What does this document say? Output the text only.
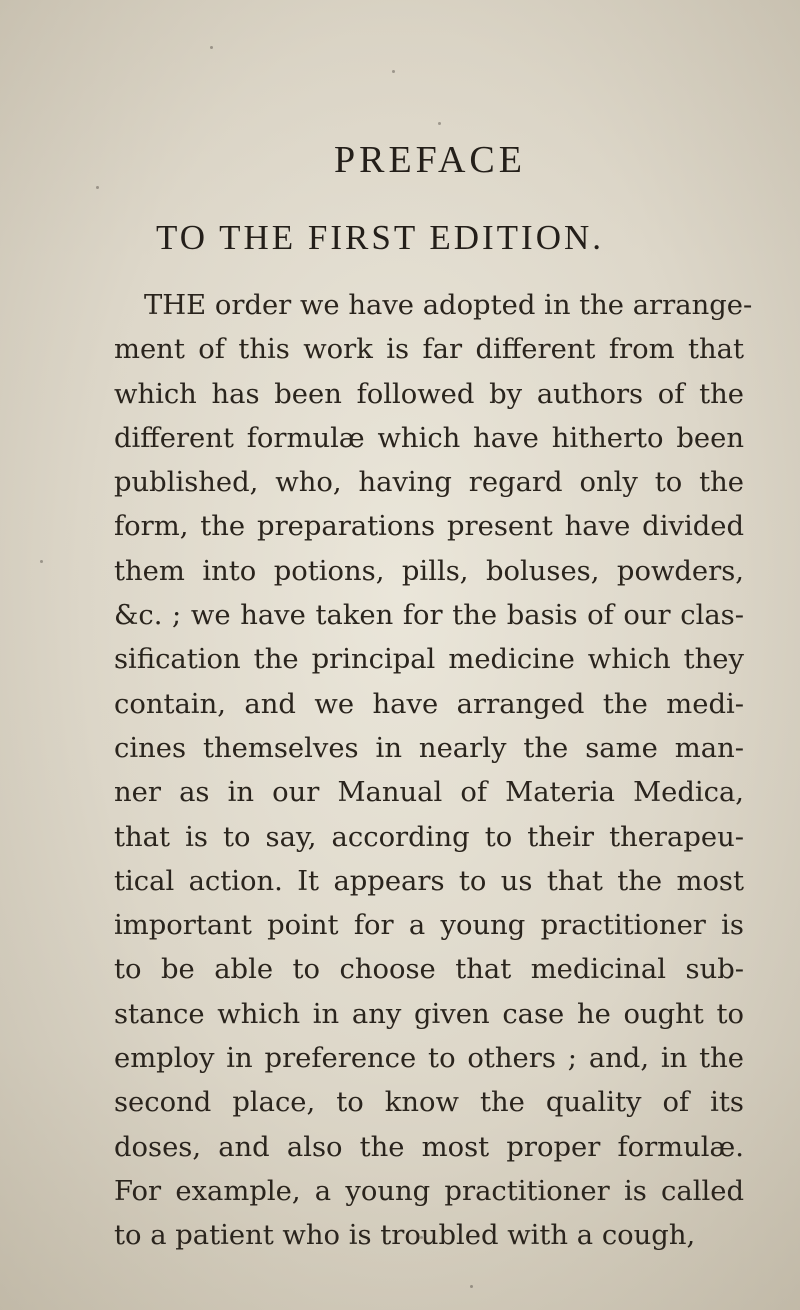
PREFACE
TO THE FIRST EDITION.
THE order we have adopted in the arrange-
ment of this work is far different from that
which has been followed by authors of the
different formulæ which have hitherto been
published, who, having regard only to the
form, the preparations present have divided
them into potions, pills, boluses, powders,
&c. ; we have taken for the basis of our clas-
sification the principal medicine which they
contain, and we have arranged the medi-
cines themselves in nearly the same man-
ner as in our Manual of Materia Medica,
that is to say, according to their therapeu-
tical action. It appears to us that the most
important point for a young practitioner is
to be able to choose that medicinal sub-
stance which in any given case he ought to
employ in preference to others ; and, in the
second place, to know the quality of its
doses, and also the most proper formulæ.
For example, a young practitioner is called
to a patient who is troubled with a cough,
